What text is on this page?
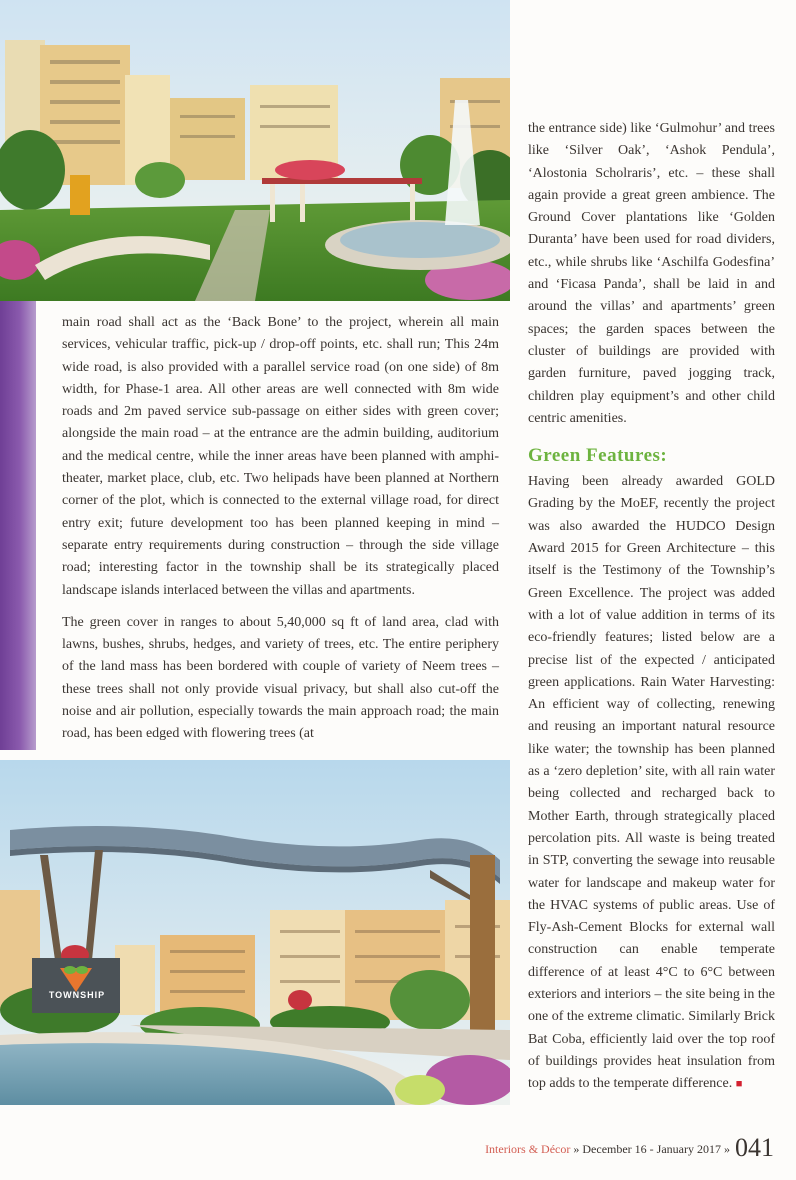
main road shall act as the ‘Back Bone’ to the project, wherein all main services, vehicular traffic, pick-up / drop-off points, etc. shall run; This 24m wide road, is also provided with a parallel service road (on one side) of 8m width, for Phase-1 area. All other areas are well connected with 8m wide roads and 2m paved service sub-passage on either sides with green cover; alongside the main road – at the entrance are the admin building, auditorium and the medical centre, while the inner areas have been planned with amphi-theater, market place, club, etc. Two helipads have been planned at Northern corner of the plot, which is connected to the external village road, for direct entry exit; future development too has been planned keeping in mind – separate entry requirements during construction – through the side village road; interesting factor in the township shall be its strategically placed landscape islands interlaced between the villas and apartments.

The green cover in ranges to about 5,40,000 sq ft of land area, clad with lawns, bushes, shrubs, hedges, and variety of trees, etc. The entire periphery of the land mass has been bordered with couple of variety of Neem trees – these trees shall not only provide visual privacy, but shall also cut-off the noise and air pollution, especially towards the main approach road; the main road, has been edged with flowering trees (at

the entrance side) like ‘Gulmohur’ and trees like ‘Silver Oak’, ‘Ashok Pendula’, ‘Alostonia Scholraris’, etc. – these shall again provide a great green ambience. The Ground Cover plantations like ‘Golden Duranta’ have been used for road dividers, etc., while shrubs like ‘Aschilfa Godesfina’ and ‘Ficasa Panda’, shall be laid in and around the villas’ and apartments’ green spaces; the garden spaces between the cluster of buildings are provided with garden furniture, paved jogging track, children play equipment’s and other child centric amenities.

Green Features:

Having been already awarded GOLD Grading by the MoEF, recently the project was also awarded the HUDCO Design Award 2015 for Green Architecture – this itself is the Testimony of the Township’s Green Excellence. The project was added with a lot of value addition in terms of its eco-friendly features; listed below are a precise list of the expected / anticipated green applications. Rain Water Harvesting: An efficient way of collecting, renewing and reusing an important natural resource like water; the township has been planned as a ‘zero depletion’ site, with all rain water being collected and recharged back to Mother Earth, through strategically placed percolation pits. All waste is being treated in STP, converting the sewage into reusable water for landscape and makeup water for the HVAC systems of public areas. Use of Fly-Ash-Cement Blocks for external wall construction can enable temperate difference of at least 4°C to 6°C between exteriors and interiors – the site being in the one of the extreme climatic. Similarly Brick Bat Coba, efficiently laid over the top roof of buildings provides heat insulation from top adds to the temperate difference. ■

TOWNSHIP
Interiors & Décor » December 16 - January 2017 » 041
